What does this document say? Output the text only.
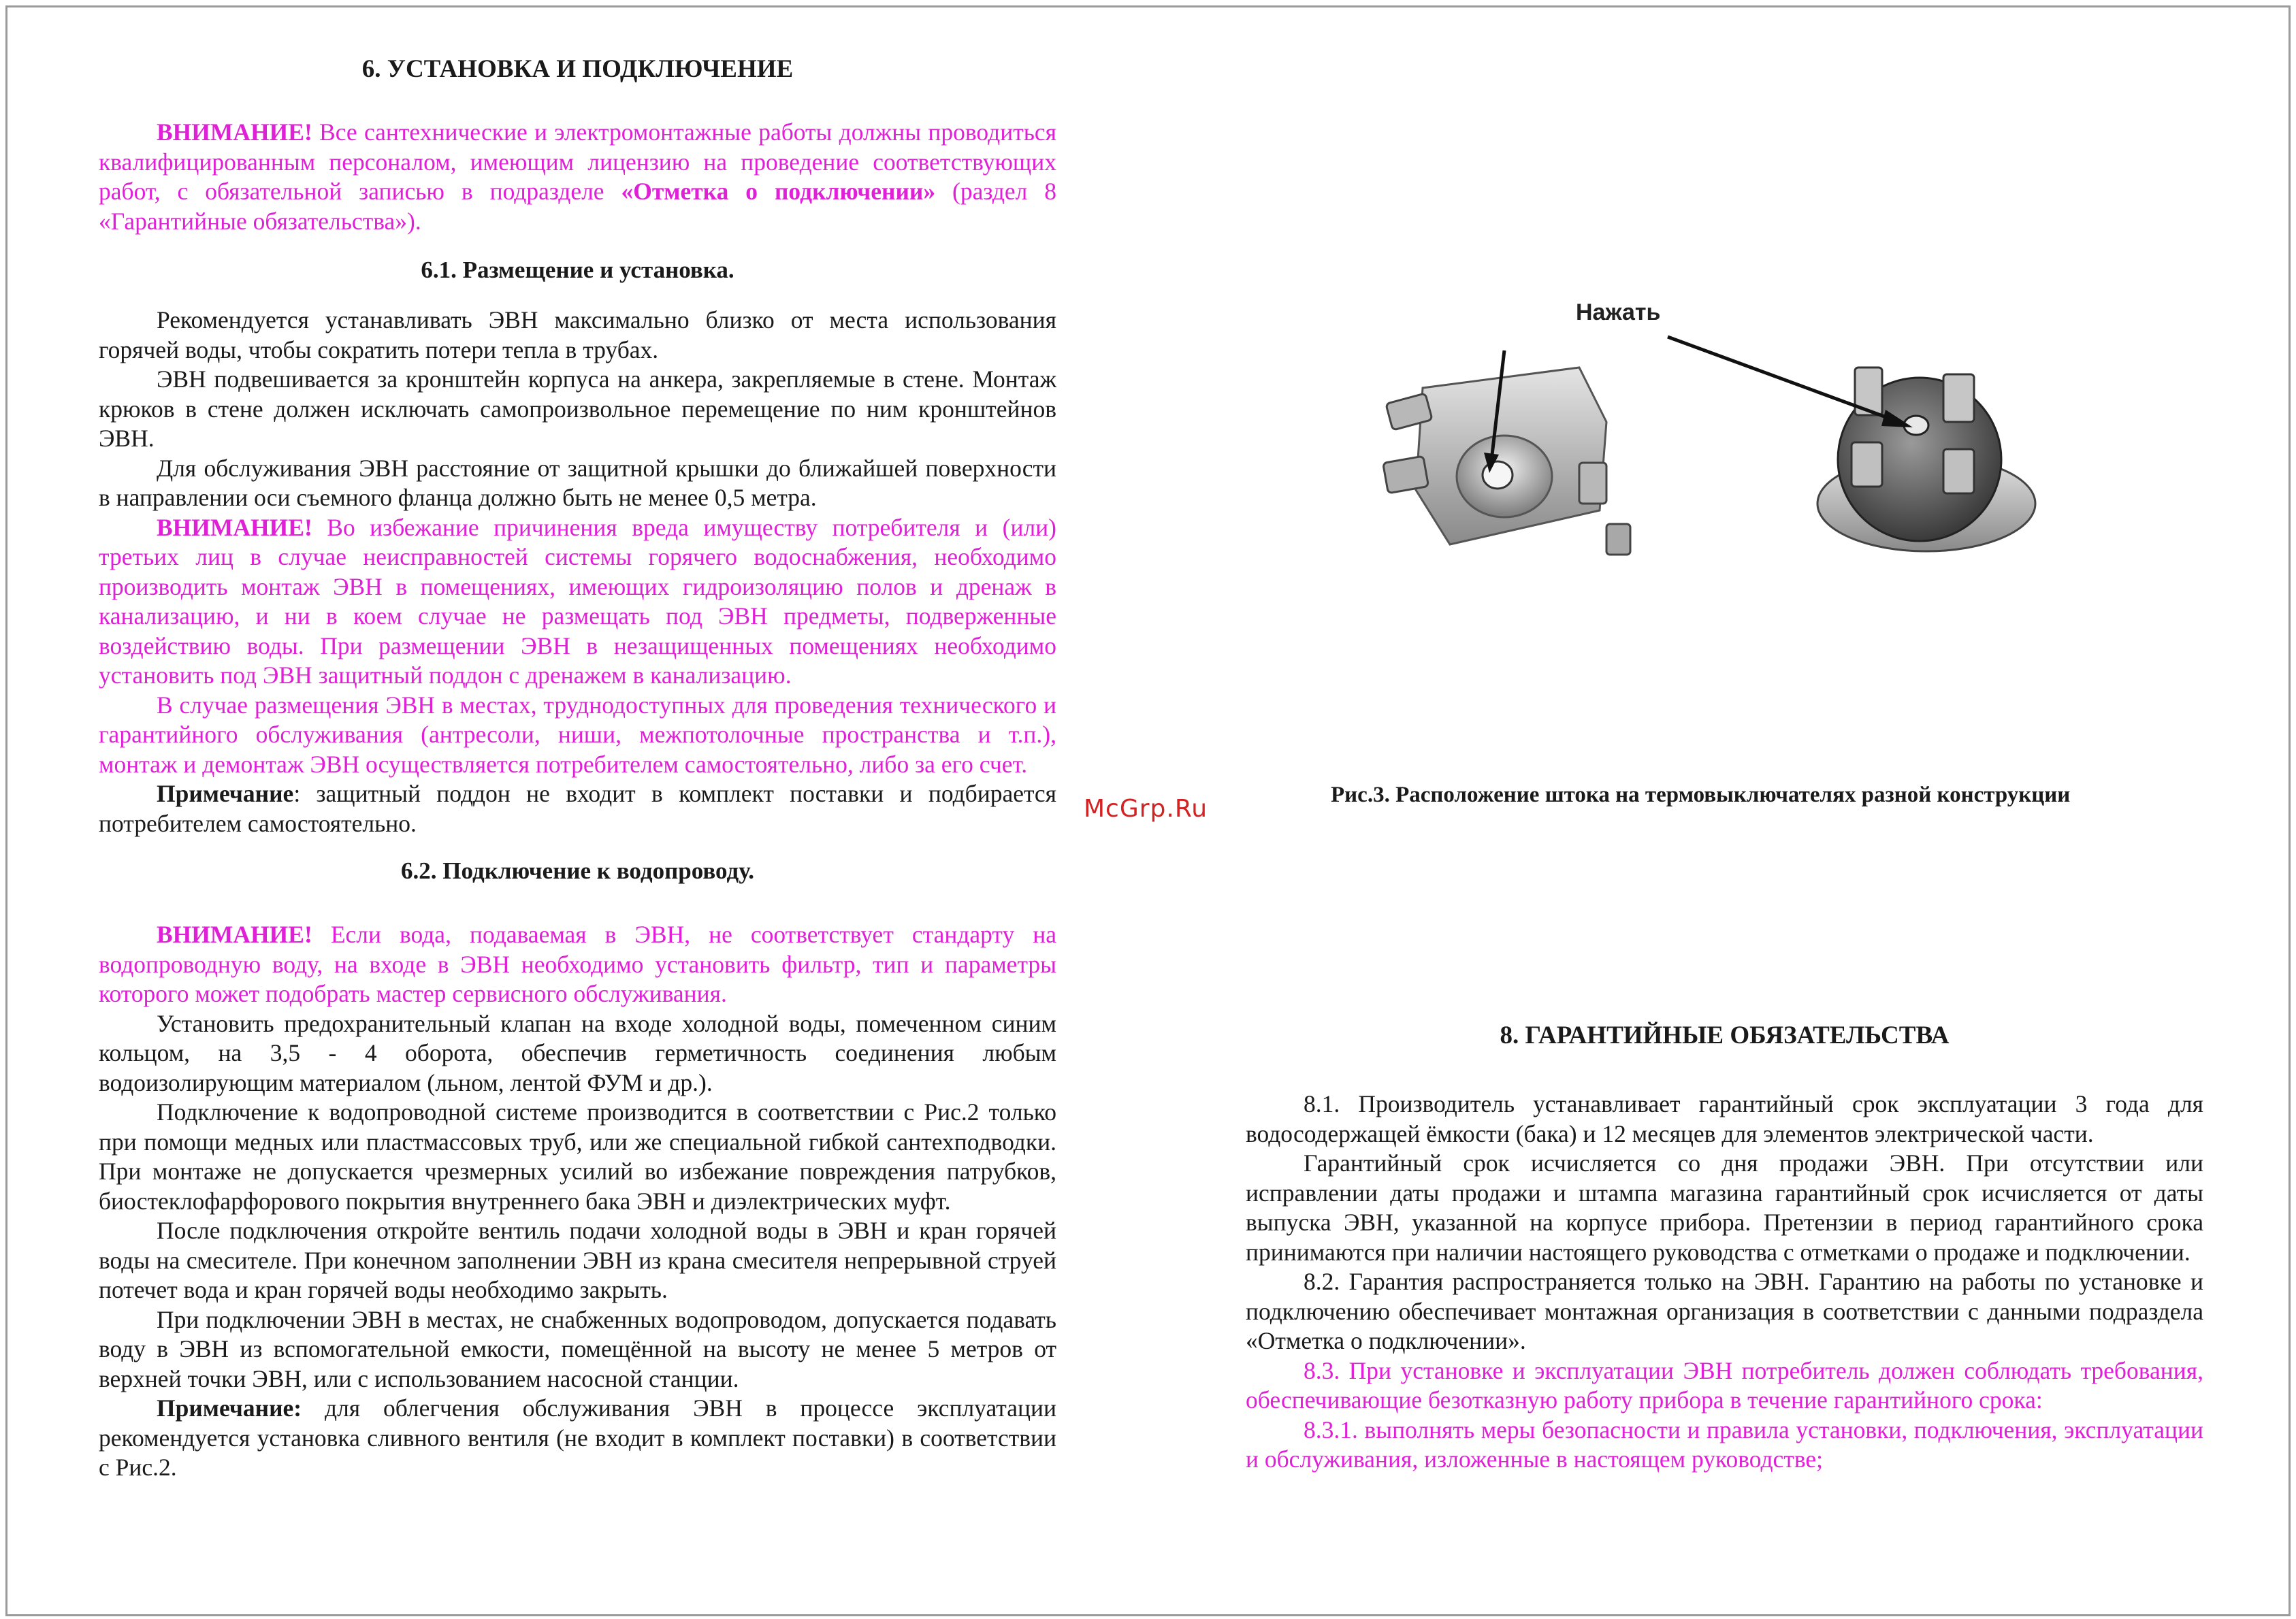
6. УСТАНОВКА И ПОДКЛЮЧЕНИЕ

ВНИМАНИЕ! Все сантехнические и электромонтажные работы должны проводиться квалифицированным персоналом, имеющим лицензию на проведение соответствующих работ, с обязательной записью в подразделе «Отметка о подключении» (раздел 8 «Гарантийные обязательства»).

6.1. Размещение и установка.

Рекомендуется устанавливать ЭВН максимально близко от места использования горячей воды, чтобы сократить потери тепла в трубах.

ЭВН подвешивается за кронштейн корпуса на анкера, закрепляемые в стене. Монтаж крюков в стене должен исключать самопроизвольное перемещение по ним кронштейнов ЭВН.

Для обслуживания ЭВН расстояние от защитной крышки до ближайшей поверхности в направлении оси съемного фланца должно быть не менее 0,5 метра.

ВНИМАНИЕ! Во избежание причинения вреда имуществу потребителя и (или) третьих лиц в случае неисправностей системы горячего водоснабжения, необходимо производить монтаж ЭВН в помещениях, имеющих гидроизоляцию полов и дренаж в канализацию, и ни в коем случае не размещать под ЭВН предметы, подверженные воздействию воды. При размещении ЭВН в незащищенных помещениях необходимо установить под ЭВН защитный поддон с дренажем в канализацию.

В случае размещения ЭВН в местах, труднодоступных для проведения технического и гарантийного обслуживания (антресоли, ниши, межпотолочные пространства и т.п.), монтаж и демонтаж ЭВН осуществляется потребителем самостоятельно, либо за его счет.

Примечание: защитный поддон не входит в комплект поставки и подбирается потребителем самостоятельно.

6.2. Подключение к водопроводу.

ВНИМАНИЕ! Если вода, подаваемая в ЭВН, не соответствует стандарту на водопроводную воду, на входе в ЭВН необходимо установить фильтр, тип и параметры которого может подобрать мастер сервисного обслуживания.

Установить предохранительный клапан на входе холодной воды, помеченном синим кольцом, на 3,5 - 4 оборота, обеспечив герметичность соединения любым водоизолирующим материалом (льном, лентой ФУМ и др.).

Подключение к водопроводной системе производится в соответствии с Рис.2 только при помощи медных или пластмассовых труб, или же специальной гибкой сантехподводки. При монтаже не допускается чрезмерных усилий во избежание повреждения патрубков, биостеклофарфорового покрытия внутреннего бака ЭВН и диэлектрических муфт.

После подключения откройте вентиль подачи холодной воды в ЭВН и кран горячей воды на смесителе. При конечном заполнении ЭВН из крана смесителя непрерывной струей потечет вода и кран горячей воды необходимо закрыть.

При подключении ЭВН в местах, не снабженных водопроводом, допускается подавать воду в ЭВН из вспомогательной емкости, помещённой на высоту не менее 5 метров от верхней точки ЭВН, или с использованием насосной станции.

Примечание: для облегчения обслуживания ЭВН в процессе эксплуатации рекомендуется установка сливного вентиля (не входит в комплект поставки) в соответствии с Рис.2.

Нажать
Рис.3. Расположение штока на термовыключателях разной конструкции
McGrp.Ru
8. ГАРАНТИЙНЫЕ ОБЯЗАТЕЛЬСТВА

8.1. Производитель устанавливает гарантийный срок эксплуатации 3 года для водосодержащей ёмкости (бака) и 12 месяцев для элементов электрической части.

Гарантийный срок исчисляется со дня продажи ЭВН. При отсутствии или исправлении даты продажи и штампа магазина гарантийный срок исчисляется от даты выпуска ЭВН, указанной на корпусе прибора. Претензии в период гарантийного срока принимаются при наличии настоящего руководства с отметками о продаже и подключении.

8.2. Гарантия распространяется только на ЭВН. Гарантию на работы по установке и подключению обеспечивает монтажная организация в соответствии с данными подраздела «Отметка о подключении».

8.3. При установке и эксплуатации ЭВН потребитель должен соблюдать требования, обеспечивающие безотказную работу прибора в течение гарантийного срока:

8.3.1. выполнять меры безопасности и правила установки, подключения, эксплуатации и обслуживания, изложенные в настоящем руководстве;
